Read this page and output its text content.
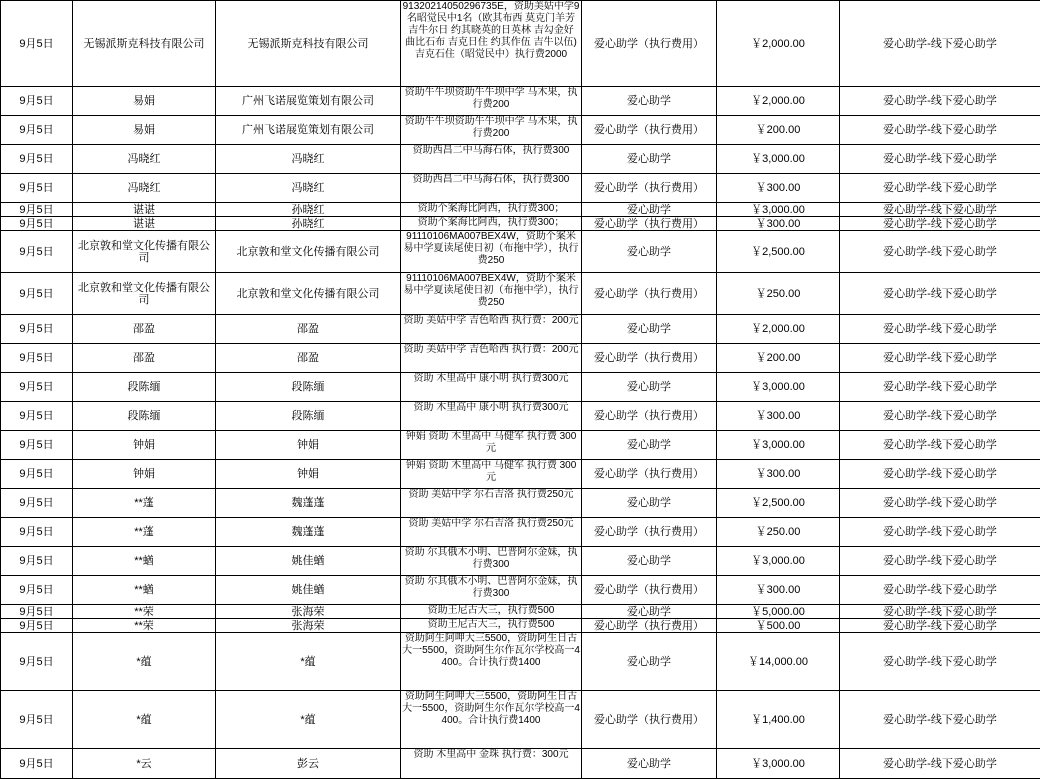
9月5日	无锡派斯克科技有限公司	无锡派斯克科技有限公司	91320214050296735E，资助美姑中学9名昭觉民中1名（欧其布西 莫克门羊芳 吉牛尔日 约其晓英的日英林 吉勾金好 曲比石布 吉克日住 约其作伍 吉牛以伍)吉克石住（昭觉民中）执行费2000	爱心助学（执行费用）	￥2,000.00	爱心助学-线下爱心助学
9月5日	易娟	广州飞诺展览策划有限公司	资助牛牛坝资助牛牛坝中学 马木果，执行费200	爱心助学	￥2,000.00	爱心助学-线下爱心助学
9月5日	易娟	广州飞诺展览策划有限公司	资助牛牛坝资助牛牛坝中学 马木果，执行费200	爱心助学（执行费用）	￥200.00	爱心助学-线下爱心助学
9月5日	冯晓红	冯晓红	资助西昌二中马海石体，执行费300	爱心助学	￥3,000.00	爱心助学-线下爱心助学
9月5日	冯晓红	冯晓红	资助西昌二中马海石体，执行费300	爱心助学（执行费用）	￥300.00	爱心助学-线下爱心助学
9月5日	谌谌	孙晓红	资助个案海比阿西，执行费300；	爱心助学	￥3,000.00	爱心助学-线下爱心助学
9月5日	谌谌	孙晓红	资助个案海比阿西，执行费300；	爱心助学（执行费用）	￥300.00	爱心助学-线下爱心助学
9月5日	北京敦和堂文化传播有限公司	北京敦和堂文化传播有限公司	91110106MA007BEX4W，资助个案米易中学夏读尾使日初（布拖中学），执行费250	爱心助学	￥2,500.00	爱心助学-线下爱心助学
9月5日	北京敦和堂文化传播有限公司	北京敦和堂文化传播有限公司	91110106MA007BEX4W，资助个案米易中学夏读尾使日初（布拖中学），执行费250	爱心助学（执行费用）	￥250.00	爱心助学-线下爱心助学
9月5日	邵盈	邵盈	资助 美姑中学 吉色哈西 执行费：200元	爱心助学	￥2,000.00	爱心助学-线下爱心助学
9月5日	邵盈	邵盈	资助 美姑中学 吉色哈西 执行费：200元	爱心助学（执行费用）	￥200.00	爱心助学-线下爱心助学
9月5日	段陈缅	段陈缅	资助 木里高中 康小明 执行费300元	爱心助学	￥3,000.00	爱心助学-线下爱心助学
9月5日	段陈缅	段陈缅	资助 木里高中 康小明 执行费300元	爱心助学（执行费用）	￥300.00	爱心助学-线下爱心助学
9月5日	钟娟	钟娟	钟娟 资助 木里高中 马健军 执行费 300元	爱心助学	￥3,000.00	爱心助学-线下爱心助学
9月5日	钟娟	钟娟	钟娟 资助 木里高中 马健军 执行费 300元	爱心助学（执行费用）	￥300.00	爱心助学-线下爱心助学
9月5日	**蓬	魏蓬蓬	资助 美姑中学 尔石吉洛 执行费250元	爱心助学	￥2,500.00	爱心助学-线下爱心助学
9月5日	**蓬	魏蓬蓬	资助 美姑中学 尔石吉洛 执行费250元	爱心助学（执行费用）	￥250.00	爱心助学-线下爱心助学
9月5日	**蝤	姚佳蝤	资助 尔其俄木小明、巴普阿尔金妹，执行费300	爱心助学	￥3,000.00	爱心助学-线下爱心助学
9月5日	**蝤	姚佳蝤	资助 尔其俄木小明、巴普阿尔金妹，执行费300	爱心助学（执行费用）	￥300.00	爱心助学-线下爱心助学
9月5日	**荣	张海荣	资助王尼古大三，执行费500	爱心助学	￥5,000.00	爱心助学-线下爱心助学
9月5日	**荣	张海荣	资助王尼古大三，执行费500	爱心助学（执行费用）	￥500.00	爱心助学-线下爱心助学
9月5日	*蕴	*蕴	资助阿生阿呷大三5500，资助阿生日古大一5500，资助阿生尔作瓦尔学校高一4400。合计执行费1400	爱心助学	￥14,000.00	爱心助学-线下爱心助学
9月5日	*蕴	*蕴	资助阿生阿呷大三5500，资助阿生日古大一5500，资助阿生尔作瓦尔学校高一4400。合计执行费1400	爱心助学（执行费用）	￥1,400.00	爱心助学-线下爱心助学
9月5日	*云	彭云	资助 木里高中 金珠 执行费：300元	爱心助学	￥3,000.00	爱心助学-线下爱心助学
